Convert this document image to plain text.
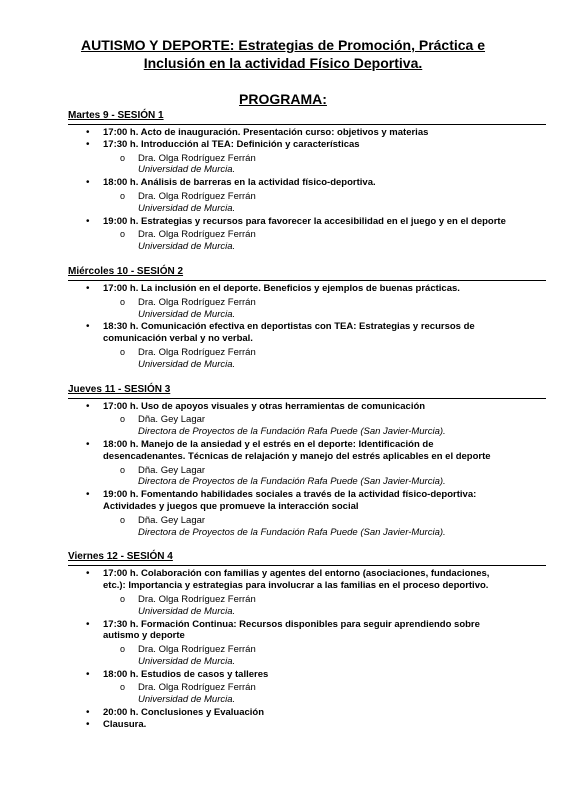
AUTISMO Y DEPORTE: Estrategias de Promoción, Práctica e
Inclusión en la actividad Físico Deportiva.
PROGRAMA:
Martes 9 - SESIÓN 1
• 17:00 h. Acto de inauguración. Presentación curso: objetivos y materias
• 17:30 h. Introducción al TEA: Definición y características
o Dra. Olga Rodríguez Ferrán
Universidad de Murcia.
• 18:00 h. Análisis de barreras en la actividad físico-deportiva.
o Dra. Olga Rodríguez Ferrán
Universidad de Murcia.
• 19:00 h. Estrategias y recursos para favorecer la accesibilidad en el juego y en el deporte
o Dra. Olga Rodríguez Ferrán
Universidad de Murcia.
Miércoles 10 - SESIÓN 2
• 17:00 h. La inclusión en el deporte. Beneficios y ejemplos de buenas prácticas.
o Dra. Olga Rodríguez Ferrán
Universidad de Murcia.
• 18:30 h. Comunicación efectiva en deportistas con TEA: Estrategias y recursos de comunicación verbal y no verbal.
o Dra. Olga Rodríguez Ferrán
Universidad de Murcia.
Jueves 11 - SESIÓN 3
• 17:00 h. Uso de apoyos visuales y otras herramientas de comunicación
o Dña. Gey Lagar
Directora de Proyectos de la Fundación Rafa Puede (San Javier-Murcia).
• 18:00 h. Manejo de la ansiedad y el estrés en el deporte: Identificación de desencadenantes. Técnicas de relajación y manejo del estrés aplicables en el deporte
o Dña. Gey Lagar
Directora de Proyectos de la Fundación Rafa Puede (San Javier-Murcia).
• 19:00 h. Fomentando habilidades sociales a través de la actividad físico-deportiva: Actividades y juegos que promueve la interacción social
o Dña. Gey Lagar
Directora de Proyectos de la Fundación Rafa Puede (San Javier-Murcia).
Viernes 12 - SESIÓN 4
• 17:00 h. Colaboración con familias y agentes del entorno (asociaciones, fundaciones, etc.): Importancia y estrategias para involucrar a las familias en el proceso deportivo.
o Dra. Olga Rodríguez Ferrán
Universidad de Murcia.
• 17:30 h. Formación Continua: Recursos disponibles para seguir aprendiendo sobre autismo y deporte
o Dra. Olga Rodríguez Ferrán
Universidad de Murcia.
• 18:00 h. Estudios de casos y talleres
o Dra. Olga Rodríguez Ferrán
Universidad de Murcia.
• 20:00 h. Conclusiones y Evaluación
• Clausura.
